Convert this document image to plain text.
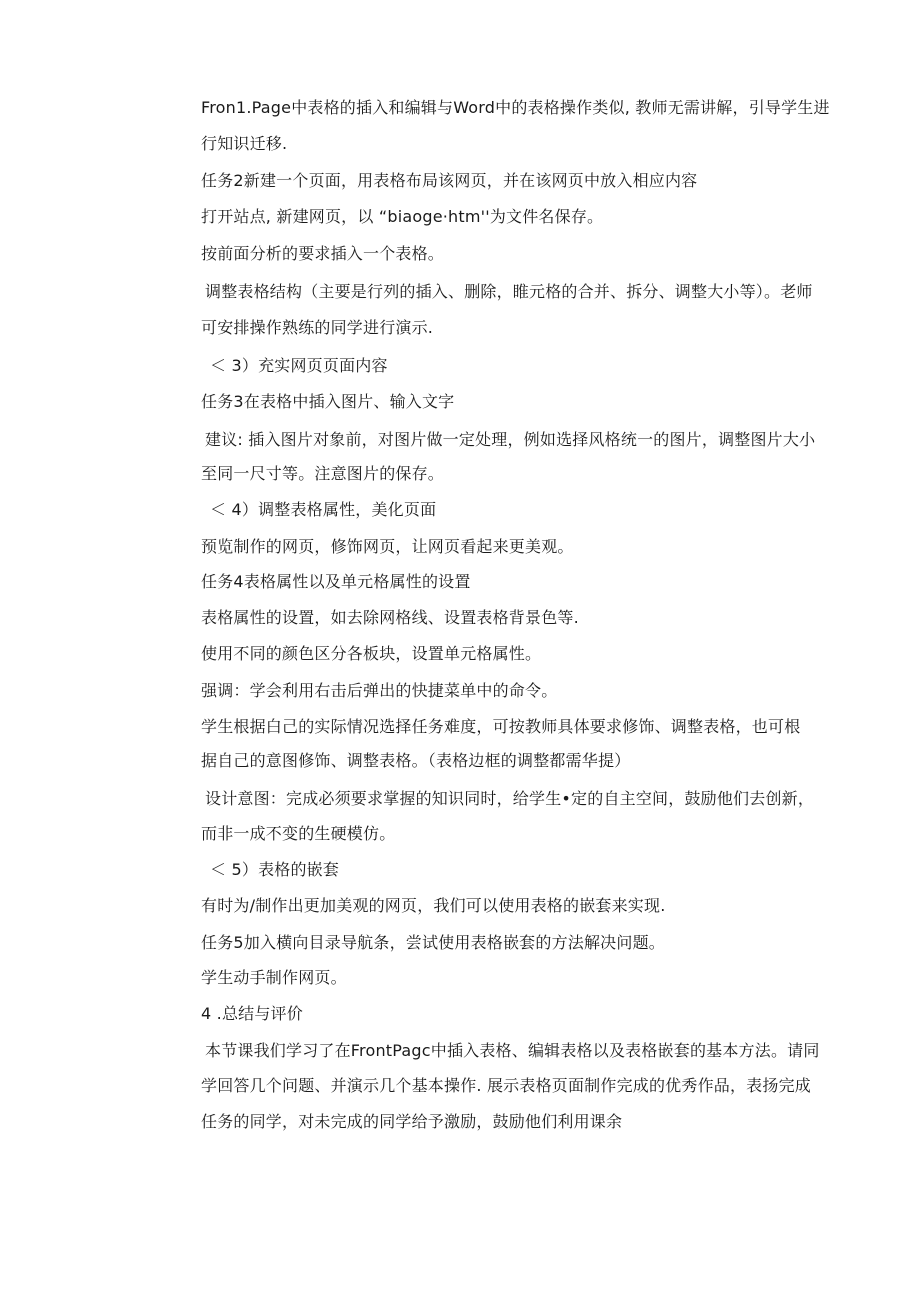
Fron1.Page中表格的插入和编辑与Word中的表格操作类似, 教师无需讲解，引导学生进
行知识迁移.
任务2新建一个页面，用表格布局该网页，并在该网页中放入相应内容
打开站点, 新建网页，以 “biaoge·htm''为文件名保存。
按前面分析的要求插入一个表格。
调整表格结构（主要是行列的插入、删除，睢元格的合并、拆分、调整大小等）。老师
可安排操作熟练的同学进行演示.
＜ 3）充实网页页面内容
任务3在表格中插入图片、输入文字
建议: 插入图片对象前，对图片做一定处理，例如选择风格统一的图片，调整图片大小
至同一尺寸等。注意图片的保存。
＜ 4）调整表格属性，美化页面
预览制作的网页，修饰网页，让网页看起来更美观。
任务4表格属性以及单元格属性的设置
表格属性的设置，如去除网格线、设置表格背景色等.
使用不同的颜色区分各板块，设置单元格属性。
强调：学会利用右击后弹出的快捷菜单中的命令。
学生根据白己的实际情况选择任务难度，可按教师具体要求修饰、调整表格，也可根
据自己的意图修饰、调整表格。（表格边框的调整都需华提）
设计意图：完成必须要求掌握的知识同时，给学生•定的自主空间，鼓励他们去创新，
而非一成不变的生硬模仿。
＜ 5）表格的嵌套
有时为/制作出更加美观的网页，我们可以使用表格的嵌套来实现.
任务5加入横向目录导航条，尝试使用表格嵌套的方法解决问题。
学生动手制作网页。
4 .总结与评价
本节课我们学习了在FrontPagc中插入表格、编辑表格以及表格嵌套的基本方法。请同
学回答几个问题、并演示几个基本操作. 展示表格页面制作完成的优秀作品，表扬完成
任务的同学，对未完成的同学给予激励，鼓励他们利用课余
